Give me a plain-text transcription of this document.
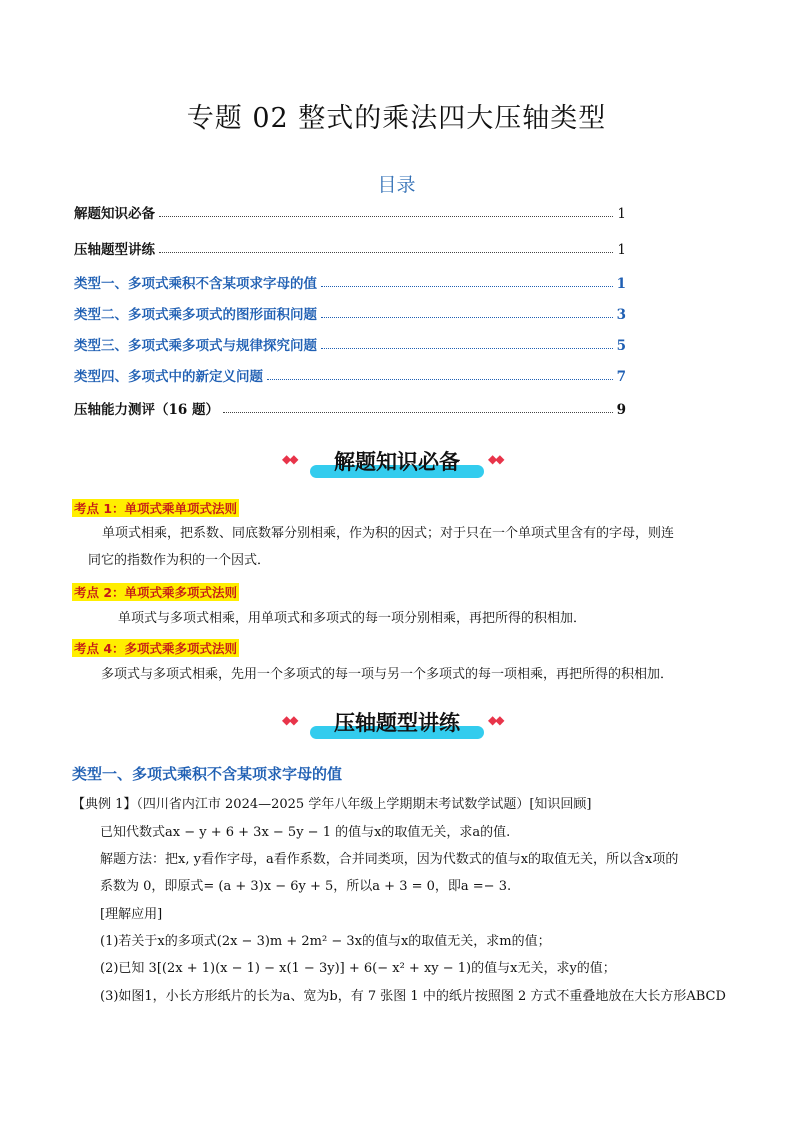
专题 02 整式的乘法四大压轴类型
目录
解题知识必备	1
压轴题型讲练	1
类型一、多项式乘积不含某项求字母的值	1
类型二、多项式乘多项式的图形面积问题	3
类型三、多项式乘多项式与规律探究问题	5
类型四、多项式中的新定义问题	7
压轴能力测评（16 题）	9
◆◆	解题知识必备	◆◆
考点 1：单项式乘单项式法则
单项式相乘，把系数、同底数幂分别相乘，作为积的因式；对于只在一个单项式里含有的字母，则连
同它的指数作为积的一个因式．
考点 2：单项式乘多项式法则
单项式与多项式相乘，用单项式和多项式的每一项分别相乘，再把所得的积相加．
考点 4：多项式乘多项式法则
多项式与多项式相乘，先用一个多项式的每一项与另一个多项式的每一项相乘，再把所得的积相加．
◆◆	压轴题型讲练	◆◆
类型一、多项式乘积不含某项求字母的值
【典例 1】（四川省内江市 2024—2025 学年八年级上学期期末考试数学试题）[知识回顾]
已知代数式ax − y + 6 + 3x − 5y − 1 的值与x的取值无关，求a的值.
解题方法：把x, y看作字母，a看作系数，合并同类项，因为代数式的值与x的取值无关，所以含x项的
系数为 0，即原式= (a + 3)x − 6y + 5，所以a + 3 = 0，即a =− 3.
[理解应用]
(1)若关于x的多项式(2x − 3)m + 2m² − 3x的值与x的取值无关，求m的值；
(2)已知 3[(2x + 1)(x − 1) − x(1 − 3y)] + 6(− x² + xy − 1)的值与x无关，求y的值；
(3)如图1，小长方形纸片的长为a、宽为b，有 7 张图 1 中的纸片按照图 2 方式不重叠地放在大长方形ABCD
